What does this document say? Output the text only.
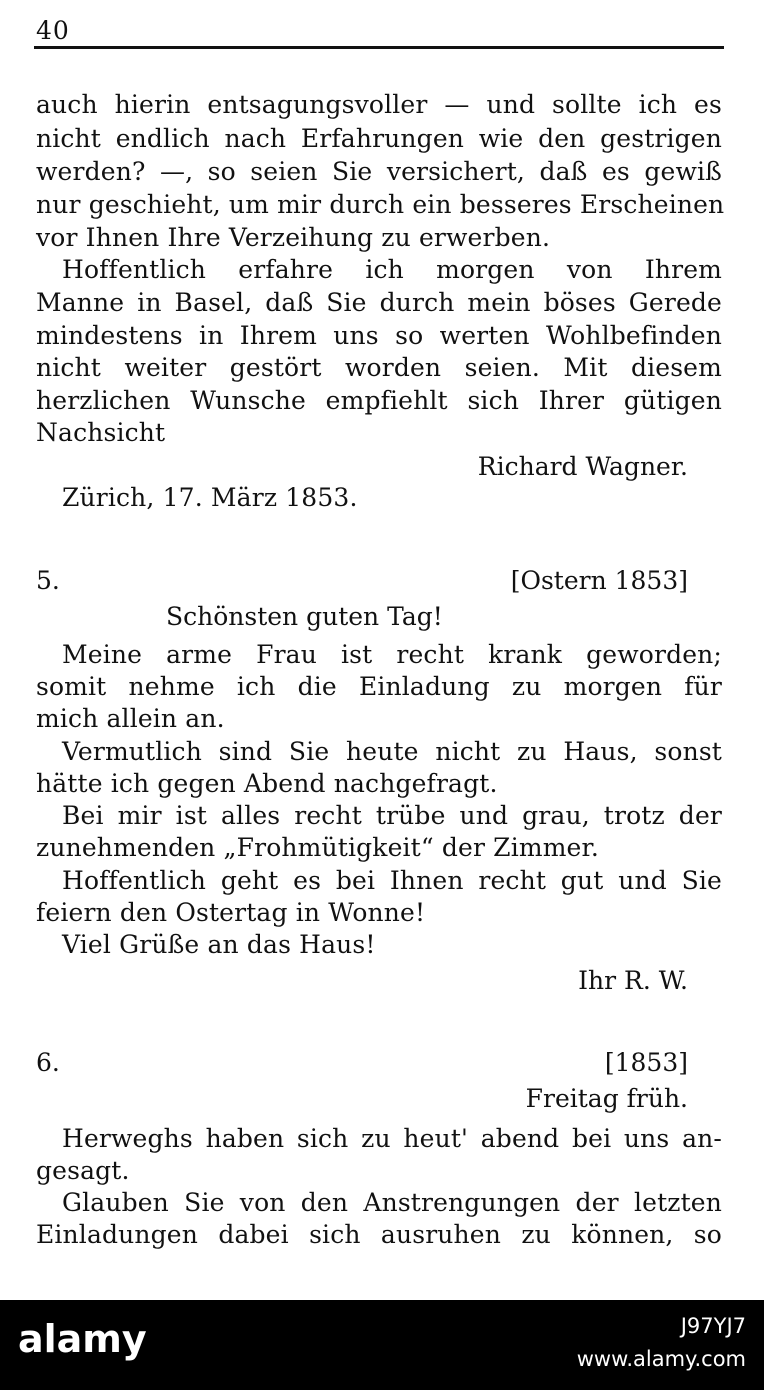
40
auch hierin entsagungsvoller — und sollte ich es
nicht endlich nach Erfahrungen wie den gestrigen
werden? —, so seien Sie versichert, daß es gewiß
nur geschieht, um mir durch ein besseres Erscheinen
vor Ihnen Ihre Verzeihung zu erwerben.
Hoffentlich erfahre ich morgen von Ihrem
Manne in Basel, daß Sie durch mein böses Gerede
mindestens in Ihrem uns so werten Wohlbefinden
nicht weiter gestört worden seien. Mit diesem
herzlichen Wunsche empfiehlt sich Ihrer gütigen
Nachsicht
Richard Wagner.
Zürich, 17. März 1853.
5.	[Ostern 1853]
Schönsten guten Tag!
Meine arme Frau ist recht krank geworden;
somit nehme ich die Einladung zu morgen für
mich allein an.
Vermutlich sind Sie heute nicht zu Haus, sonst
hätte ich gegen Abend nachgefragt.
Bei mir ist alles recht trübe und grau, trotz der
zunehmenden „Frohmütigkeit“ der Zimmer.
Hoffentlich geht es bei Ihnen recht gut und Sie
feiern den Ostertag in Wonne!
Viel Grüße an das Haus!
Ihr R. W.
6.	[1853]
Freitag früh.
Herweghs haben sich zu heut' abend bei uns an-
gesagt.
Glauben Sie von den Anstrengungen der letzten
Einladungen dabei sich ausruhen zu können, so
alamy	J97YJ7
www.alamy.com
